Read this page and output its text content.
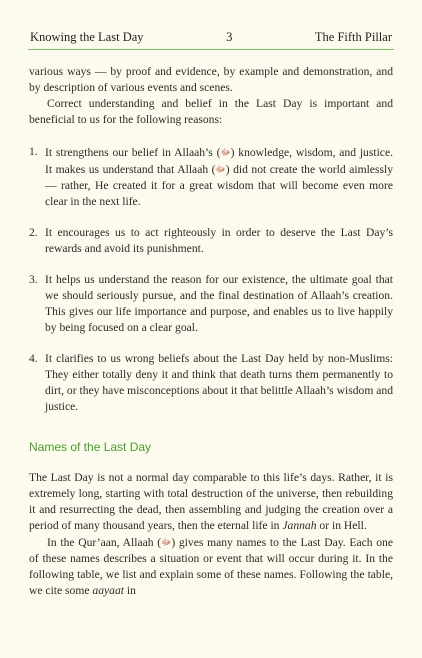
Knowing the Last Day	3	The Fifth Pillar

various ways — by proof and evidence, by example and demonstration, and by description of various events and scenes.

Correct understanding and belief in the Last Day is important and beneficial to us for the following reasons:

1. It strengthens our belief in Allaah’s (ﷻ) knowledge, wisdom, and justice. It makes us understand that Allaah (ﷻ) did not create the world aimlessly — rather, He created it for a great wisdom that will become even more clear in the next life.
2. It encourages us to act righteously in order to deserve the Last Day’s rewards and avoid its punishment.
3. It helps us understand the reason for our existence, the ultimate goal that we should seriously pursue, and the final destination of Allaah’s creation. This gives our life importance and purpose, and enables us to live happily by being focused on a clear goal.
4. It clarifies to us wrong beliefs about the Last Day held by non-Muslims: They either totally deny it and think that death turns them permanently to dirt, or they have misconceptions about it that belittle Allaah’s wisdom and justice.
Names of the Last Day

The Last Day is not a normal day comparable to this life’s days. Rather, it is extremely long, starting with total destruction of the universe, then rebuilding it and resurrecting the dead, then assembling and judging the creation over a period of many thousand years, then the eternal life in Jannah or in Hell.

In the Qur’aan, Allaah (ﷻ) gives many names to the Last Day. Each one of these names describes a situation or event that will occur during it. In the following table, we list and explain some of these names. Following the table, we cite some aayaat in
